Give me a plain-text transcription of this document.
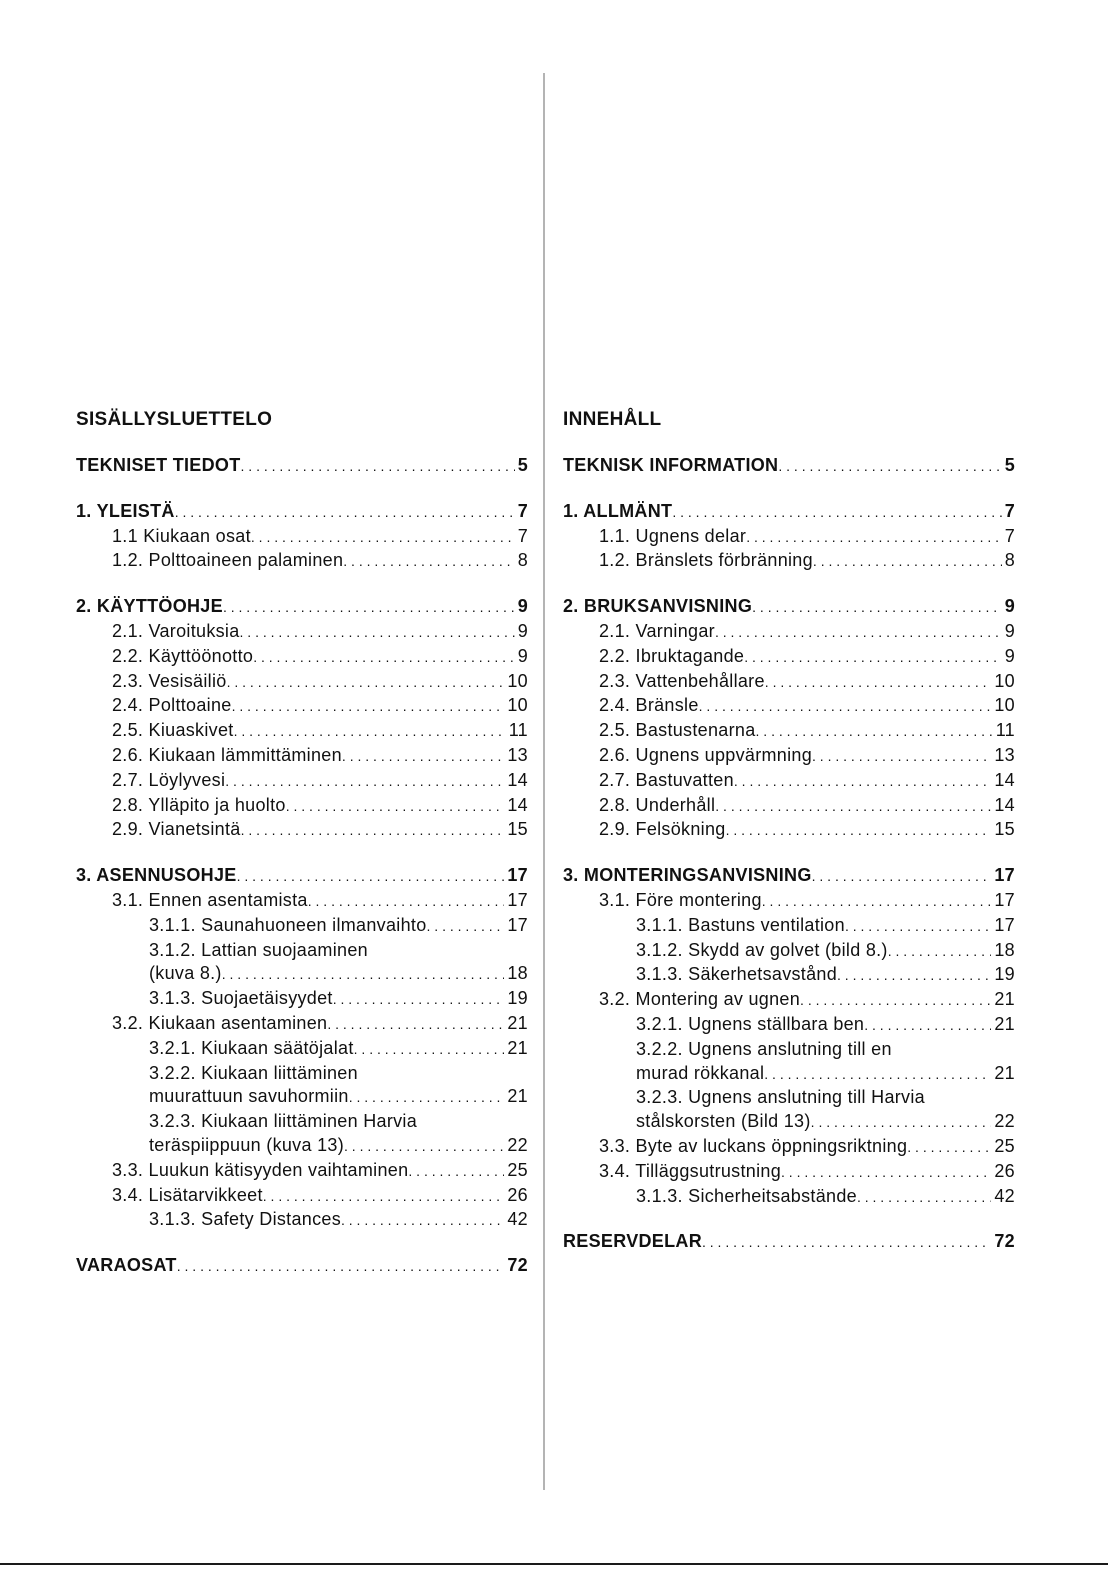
SISÄLLYSLUETTELO
TEKNISET TIEDOT . . .	5
1. YLEISTÄ . . .	7
1.1 Kiukaan osat . . .	7
1.2. Polttoaineen palaminen . . .	8
2. KÄYTTÖOHJE . . .	9
2.1. Varoituksia . . .	9
2.2. Käyttöönotto . . .	9
2.3. Vesisäiliö . . .	10
2.4. Polttoaine . . .	10
2.5. Kiuaskivet . . .	11
2.6. Kiukaan lämmittäminen . . .	13
2.7. Löylyvesi . . .	14
2.8. Ylläpito ja huolto . . .	14
2.9. Vianetsintä . . .	15
3. ASENNUSOHJE . . .	17
3.1. Ennen asentamista . . .	17
3.1.1. Saunahuoneen ilmanvaihto . . .	17
3.1.2. Lattian suojaaminen
(kuva 8.) . . .	18
3.1.3. Suojaetäisyydet . . .	19
3.2. Kiukaan asentaminen . . .	21
3.2.1. Kiukaan säätöjalat . . .	21
3.2.2. Kiukaan liittäminen
muurattuun savuhormiin . . .	21
3.2.3. Kiukaan liittäminen Harvia
teräspiippuun (kuva 13) . . .	22
3.3. Luukun kätisyyden vaihtaminen . . .	25
3.4. Lisätarvikkeet . . .	26
3.1.3. Safety Distances . . .	42
VARAOSAT . . .	72
INNEHÅLL
TEKNISK INFORMATION . . .	5
1. ALLMÄNT . . .	7
1.1. Ugnens delar . . .	7
1.2. Bränslets förbränning . . .	8
2. BRUKSANVISNING . . .	9
2.1. Varningar . . .	9
2.2. Ibruktagande . . .	9
2.3. Vattenbehållare . . .	10
2.4. Bränsle . . .	10
2.5. Bastustenarna . . .	11
2.6. Ugnens uppvärmning . . .	13
2.7. Bastuvatten . . .	14
2.8. Underhåll . . .	14
2.9. Felsökning . . .	15
3. MONTERINGSANVISNING . . .	17
3.1. Före montering . . .	17
3.1.1. Bastuns ventilation . . .	17
3.1.2. Skydd av golvet (bild 8.) . . .	18
3.1.3. Säkerhetsavstånd . . .	19
3.2. Montering av ugnen . . .	21
3.2.1. Ugnens ställbara ben . . .	21
3.2.2. Ugnens anslutning till en
murad rökkanal . . .	21
3.2.3. Ugnens anslutning till Harvia
stålskorsten (Bild 13) . . .	22
3.3. Byte av luckans öppningsriktning . . .	25
3.4. Tilläggsutrustning . . .	26
3.1.3. Sicherheitsabstände . . .	42
RESERVDELAR . . .	72
